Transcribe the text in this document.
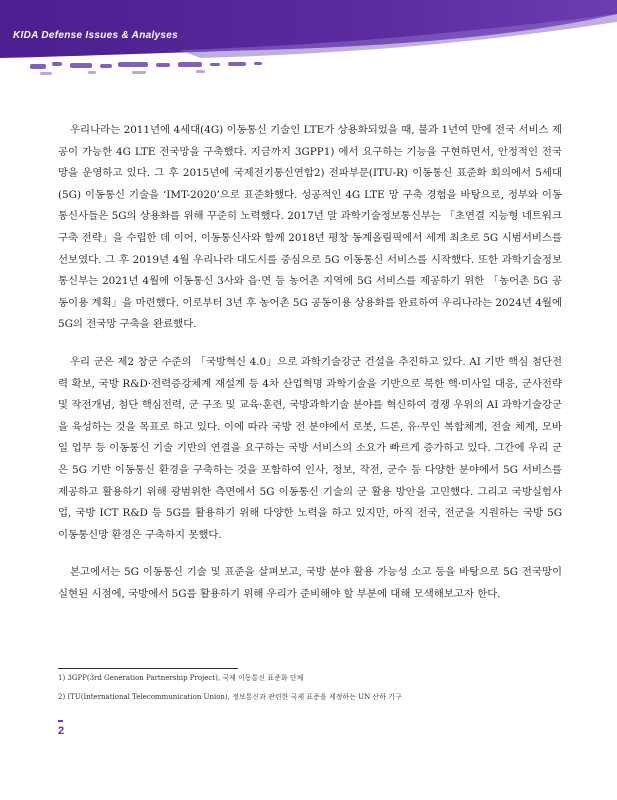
KIDA Defense Issues & Analyses

우리나라는 2011년에 4세대(4G) 이동통신 기술인 LTE가 상용화되었을 때, 불과 1년여 만에 전국 서비스 제공이 가능한 4G LTE 전국망을 구축했다. 지금까지 3GPP1) 에서 요구하는 기능을 구현하면서, 안정적인 전국망을 운영하고 있다. 그 후 2015년에 국제전기통신연합2) 전파부문(ITU-R) 이동통신 표준화 회의에서 5세대(5G) 이동통신 기술을 ‘IMT-2020’으로 표준화했다. 성공적인 4G LTE 망 구축 경험을 바탕으로, 정부와 이동통신사들은 5G의 상용화를 위해 꾸준히 노력했다. 2017년 말 과학기술정보통신부는 「초연결 지능형 네트워크 구축 전략」을 수립한 데 이어, 이동통신사와 함께 2018년 평창 동계올림픽에서 세계 최초로 5G 시범서비스를 선보였다. 그 후 2019년 4월 우리나라 대도시를 중심으로 5G 이동통신 서비스를 시작했다. 또한 과학기술정보통신부는 2021년 4월에 이동통신 3사와 읍·면 등 농어촌 지역에 5G 서비스를 제공하기 위한 「농어촌 5G 공동이용 계획」을 마련했다. 이로부터 3년 후 농어촌 5G 공동이용 상용화를 완료하여 우리나라는 2024년 4월에 5G의 전국망 구축을 완료했다.

우리 군은 제2 창군 수준의 「국방혁신 4.0」으로 과학기술강군 건설을 추진하고 있다. AI 기반 핵심 첨단전력 확보, 국방 R&D·전력증강체계 재설계 등 4차 산업혁명 과학기술을 기반으로 북한 핵·미사일 대응, 군사전략 및 작전개념, 첨단 핵심전력, 군 구조 및 교육·훈련, 국방과학기술 분야를 혁신하여 경쟁 우위의 AI 과학기술강군을 육성하는 것을 목표로 하고 있다. 이에 따라 국방 전 분야에서 로봇, 드론, 유·무인 복합체계, 전술 체계, 모바일 업무 등 이동통신 기술 기반의 연결을 요구하는 국방 서비스의 소요가 빠르게 증가하고 있다. 그간에 우리 군은 5G 기반 이동통신 환경을 구축하는 것을 포함하여 인사, 정보, 작전, 군수 등 다양한 분야에서 5G 서비스를 제공하고 활용하기 위해 광범위한 측면에서 5G 이동통신 기술의 군 활용 방안을 고민했다. 그리고 국방실험사업, 국방 ICT R&D 등 5G를 활용하기 위해 다양한 노력을 하고 있지만, 아직 전국, 전군을 지원하는 국방 5G 이동통신망 환경은 구축하지 못했다.

본고에서는 5G 이동통신 기술 및 표준을 살펴보고, 국방 분야 활용 가능성 소고 등을 바탕으로 5G 전국망이 실현된 시점에, 국방에서 5G를 활용하기 위해 우리가 준비해야 할 부분에 대해 모색해보고자 한다.

1) 3GPP(3rd Generation Partnership Project), 국제 이동통신 표준화 단체
2) ITU(International Telecommunication Union), 정보통신과 관련한 국제 표준을 제정하는 UN 산하 기구
2
